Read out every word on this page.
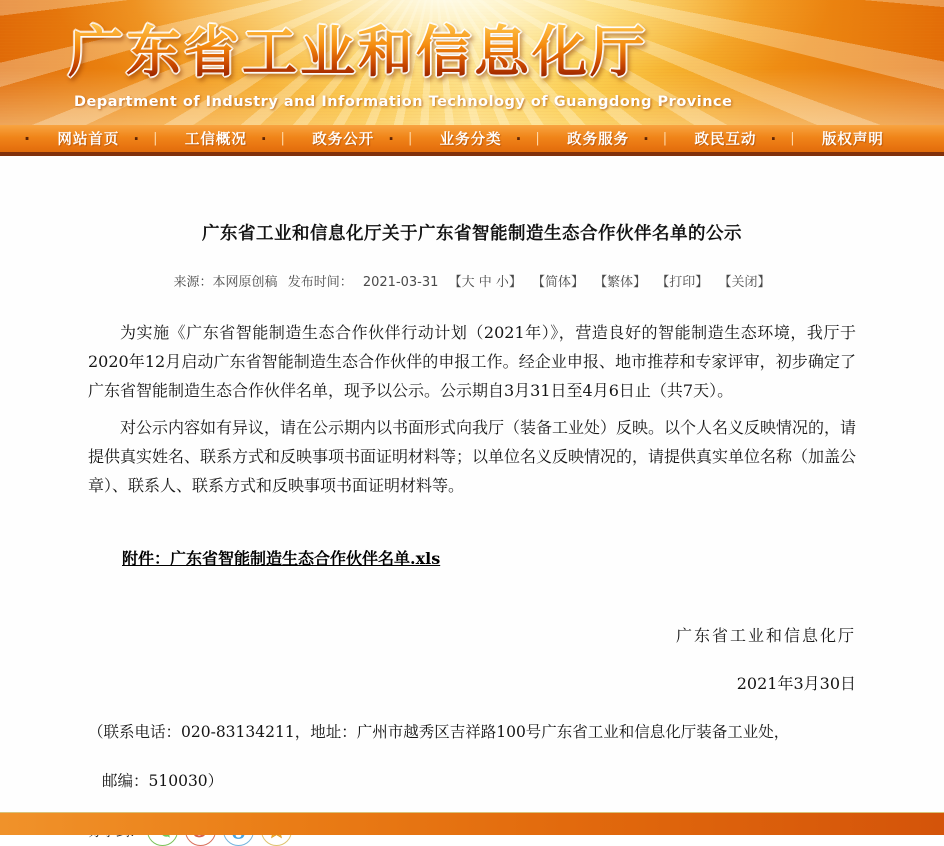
广东省工业和信息化厅
Department of Industry and Information Technology of Guangdong Province
· 网站首页 · | 工信概况 · | 政务公开 · | 业务分类 · | 政务服务 · | 政民互动 · | 版权声明
广东省工业和信息化厅关于广东省智能制造生态合作伙伴名单的公示
来源：本网原创稿 发布时间： 2021-03-31 【大 中 小】 【简体】 【繁体】 【打印】 【关闭】

为实施《广东省智能制造生态合作伙伴行动计划（2021年）》，营造良好的智能制造生态环境，我厅于2020年12月启动广东省智能制造生态合作伙伴的申报工作。经企业申报、地市推荐和专家评审，初步确定了广东省智能制造生态合作伙伴名单，现予以公示。公示期自3月31日至4月6日止（共7天）。

对公示内容如有异议，请在公示期内以书面形式向我厅（装备工业处）反映。以个人名义反映情况的，请提供真实姓名、联系方式和反映事项书面证明材料等；以单位名义反映情况的，请提供真实单位名称（加盖公章）、联系人、联系方式和反映事项书面证明材料等。

附件：广东省智能制造生态合作伙伴名单.xls
广东省工业和信息化厅
2021年3月30日
（联系电话：020-83134211，地址：广州市越秀区吉祥路100号广东省工业和信息化厅装备工业处，
邮编：510030）
